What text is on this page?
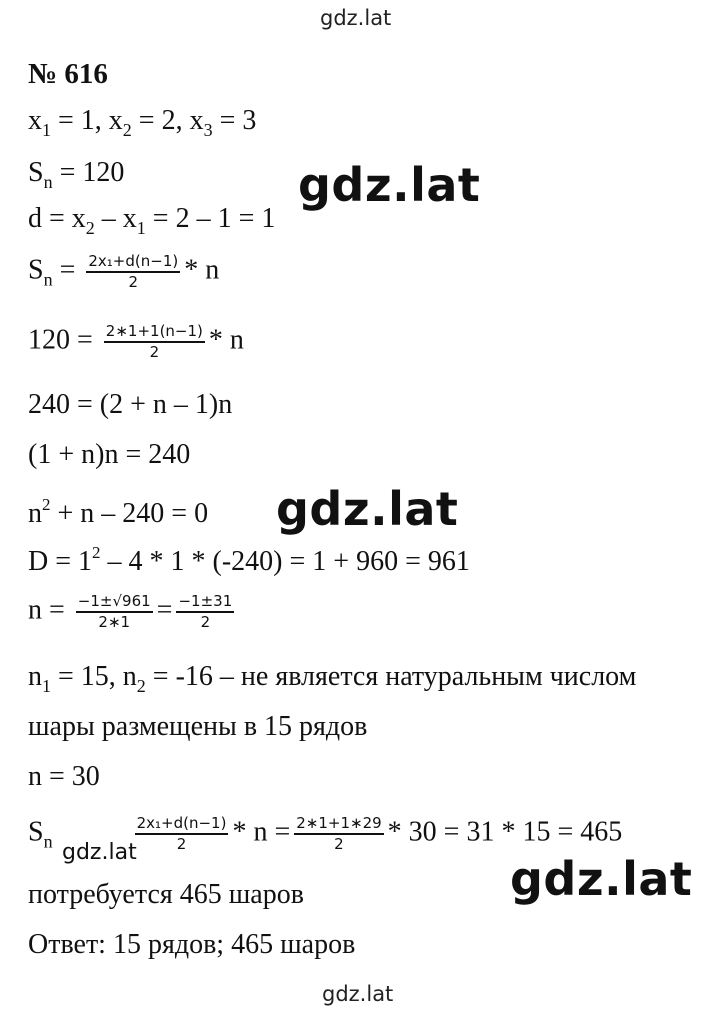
gdz.lat
№ 616
$x_1 = 1$, $x_2 = 2$, $x_3 = 3$
$S_n = 120$
$d = x_2 - x_1 = 2 - 1 = 1$
gdz.lat
$S_n = \frac{\text{2x₁+d(n−1)}}{2} * n$
$120 = \frac{2∗1+1(n-1)}{2} * n$
240 = (2 + n – 1)n
(1 + n)n = 240
$n^2 + n - 240 = 0$ gdz.lat
$D = 1^2 - 4 * 1 * (-240) = 1 + 960 = 961$
$n = \frac{-1\pm√961}{2∗1} = \frac{-1\pm 31}{2}$
$n_1 = 15$, $n_2 = -16$ – не является натуральным числом
шары размещены в 15 рядов
n = 30
$S_n$	$\frac{\text{2x₁+d(n−1)}}{2} * n = \frac{2∗1+1∗29}{2} * 30 = 31 * 15 = 465$
gdz.lat	gdz.lat
потребуется 465 шаров
Ответ: 15 рядов; 465 шаров
gdz.lat
